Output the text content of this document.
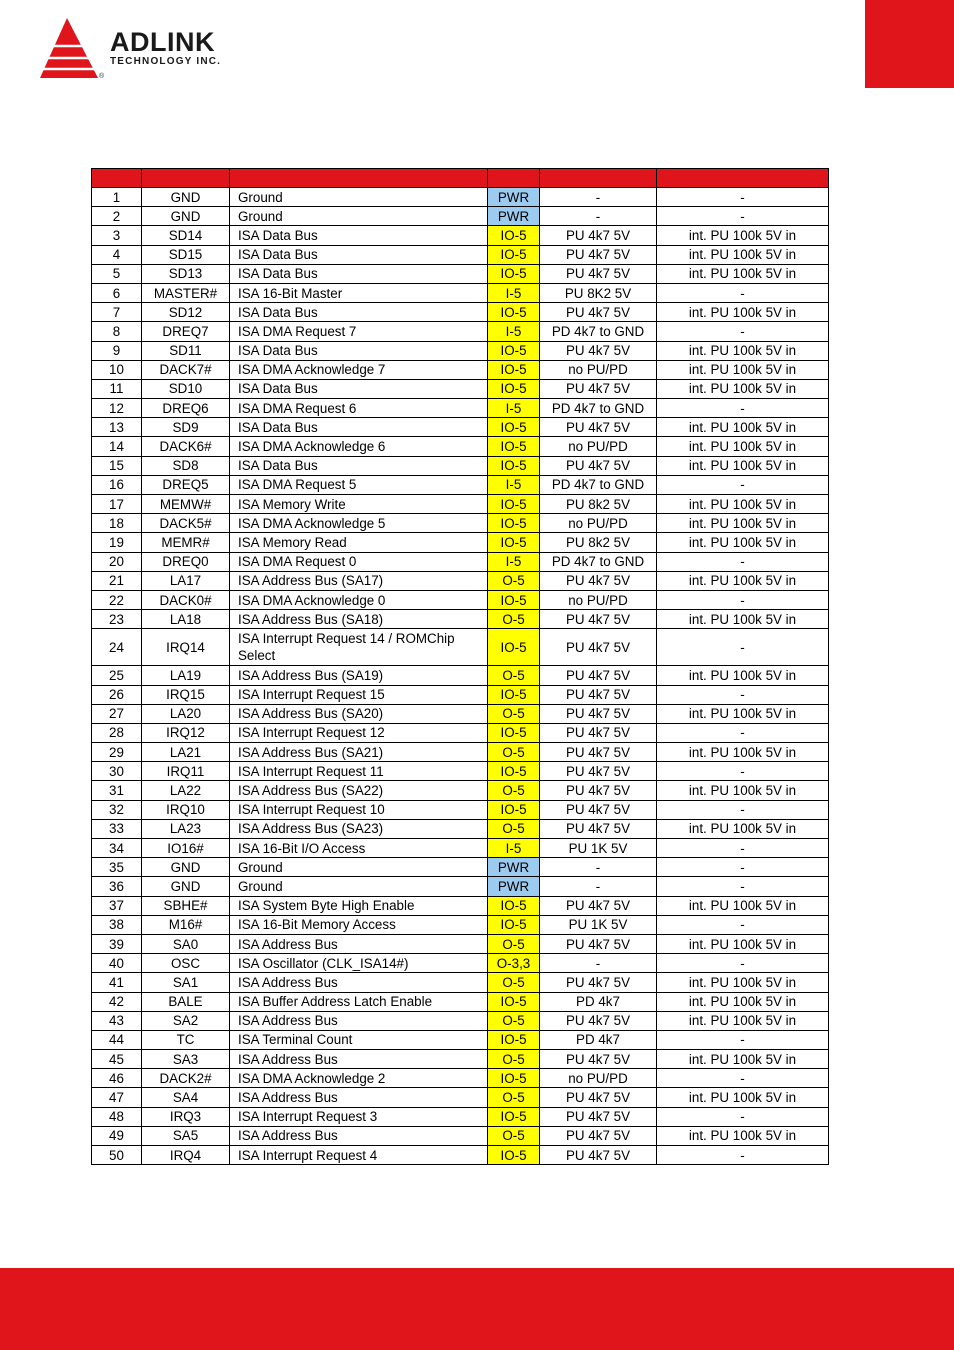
®
ADLINK
TECHNOLOGY INC.

1	GND	Ground	PWR	-	-
2	GND	Ground	PWR	-	-
3	SD14	ISA Data Bus	IO-5	PU 4k7 5V	int. PU 100k 5V in
4	SD15	ISA Data Bus	IO-5	PU 4k7 5V	int. PU 100k 5V in
5	SD13	ISA Data Bus	IO-5	PU 4k7 5V	int. PU 100k 5V in
6	MASTER#	ISA 16-Bit Master	I-5	PU 8K2 5V	-
7	SD12	ISA Data Bus	IO-5	PU 4k7 5V	int. PU 100k 5V in
8	DREQ7	ISA DMA Request 7	I-5	PD 4k7 to GND	-
9	SD11	ISA Data Bus	IO-5	PU 4k7 5V	int. PU 100k 5V in
10	DACK7#	ISA DMA Acknowledge 7	IO-5	no PU/PD	int. PU 100k 5V in
11	SD10	ISA Data Bus	IO-5	PU 4k7 5V	int. PU 100k 5V in
12	DREQ6	ISA DMA Request 6	I-5	PD 4k7 to GND	-
13	SD9	ISA Data Bus	IO-5	PU 4k7 5V	int. PU 100k 5V in
14	DACK6#	ISA DMA Acknowledge 6	IO-5	no PU/PD	int. PU 100k 5V in
15	SD8	ISA Data Bus	IO-5	PU 4k7 5V	int. PU 100k 5V in
16	DREQ5	ISA DMA Request 5	I-5	PD 4k7 to GND	-
17	MEMW#	ISA Memory Write	IO-5	PU 8k2 5V	int. PU 100k 5V in
18	DACK5#	ISA DMA Acknowledge 5	IO-5	no PU/PD	int. PU 100k 5V in
19	MEMR#	ISA Memory Read	IO-5	PU 8k2 5V	int. PU 100k 5V in
20	DREQ0	ISA DMA Request 0	I-5	PD 4k7 to GND	-
21	LA17	ISA Address Bus (SA17)	O-5	PU 4k7 5V	int. PU 100k 5V in
22	DACK0#	ISA DMA Acknowledge 0	IO-5	no PU/PD	-
23	LA18	ISA Address Bus (SA18)	O-5	PU 4k7 5V	int. PU 100k 5V in
24	IRQ14	ISA Interrupt Request 14 / ROMChip Select	IO-5	PU 4k7 5V	-
25	LA19	ISA Address Bus (SA19)	O-5	PU 4k7 5V	int. PU 100k 5V in
26	IRQ15	ISA Interrupt Request 15	IO-5	PU 4k7 5V	-
27	LA20	ISA Address Bus (SA20)	O-5	PU 4k7 5V	int. PU 100k 5V in
28	IRQ12	ISA Interrupt Request 12	IO-5	PU 4k7 5V	-
29	LA21	ISA Address Bus (SA21)	O-5	PU 4k7 5V	int. PU 100k 5V in
30	IRQ11	ISA Interrupt Request 11	IO-5	PU 4k7 5V	-
31	LA22	ISA Address Bus (SA22)	O-5	PU 4k7 5V	int. PU 100k 5V in
32	IRQ10	ISA Interrupt Request 10	IO-5	PU 4k7 5V	-
33	LA23	ISA Address Bus (SA23)	O-5	PU 4k7 5V	int. PU 100k 5V in
34	IO16#	ISA 16-Bit I/O Access	I-5	PU 1K 5V	-
35	GND	Ground	PWR	-	-
36	GND	Ground	PWR	-	-
37	SBHE#	ISA System Byte High Enable	IO-5	PU 4k7 5V	int. PU 100k 5V in
38	M16#	ISA 16-Bit Memory Access	IO-5	PU 1K 5V	-
39	SA0	ISA Address Bus	O-5	PU 4k7 5V	int. PU 100k 5V in
40	OSC	ISA Oscillator (CLK_ISA14#)	O-3,3	-	-
41	SA1	ISA Address Bus	O-5	PU 4k7 5V	int. PU 100k 5V in
42	BALE	ISA Buffer Address Latch Enable	IO-5	PD 4k7	int. PU 100k 5V in
43	SA2	ISA Address Bus	O-5	PU 4k7 5V	int. PU 100k 5V in
44	TC	ISA Terminal Count	IO-5	PD 4k7	-
45	SA3	ISA Address Bus	O-5	PU 4k7 5V	int. PU 100k 5V in
46	DACK2#	ISA DMA Acknowledge 2	IO-5	no PU/PD	-
47	SA4	ISA Address Bus	O-5	PU 4k7 5V	int. PU 100k 5V in
48	IRQ3	ISA Interrupt Request 3	IO-5	PU 4k7 5V	-
49	SA5	ISA Address Bus	O-5	PU 4k7 5V	int. PU 100k 5V in
50	IRQ4	ISA Interrupt Request 4	IO-5	PU 4k7 5V	-
